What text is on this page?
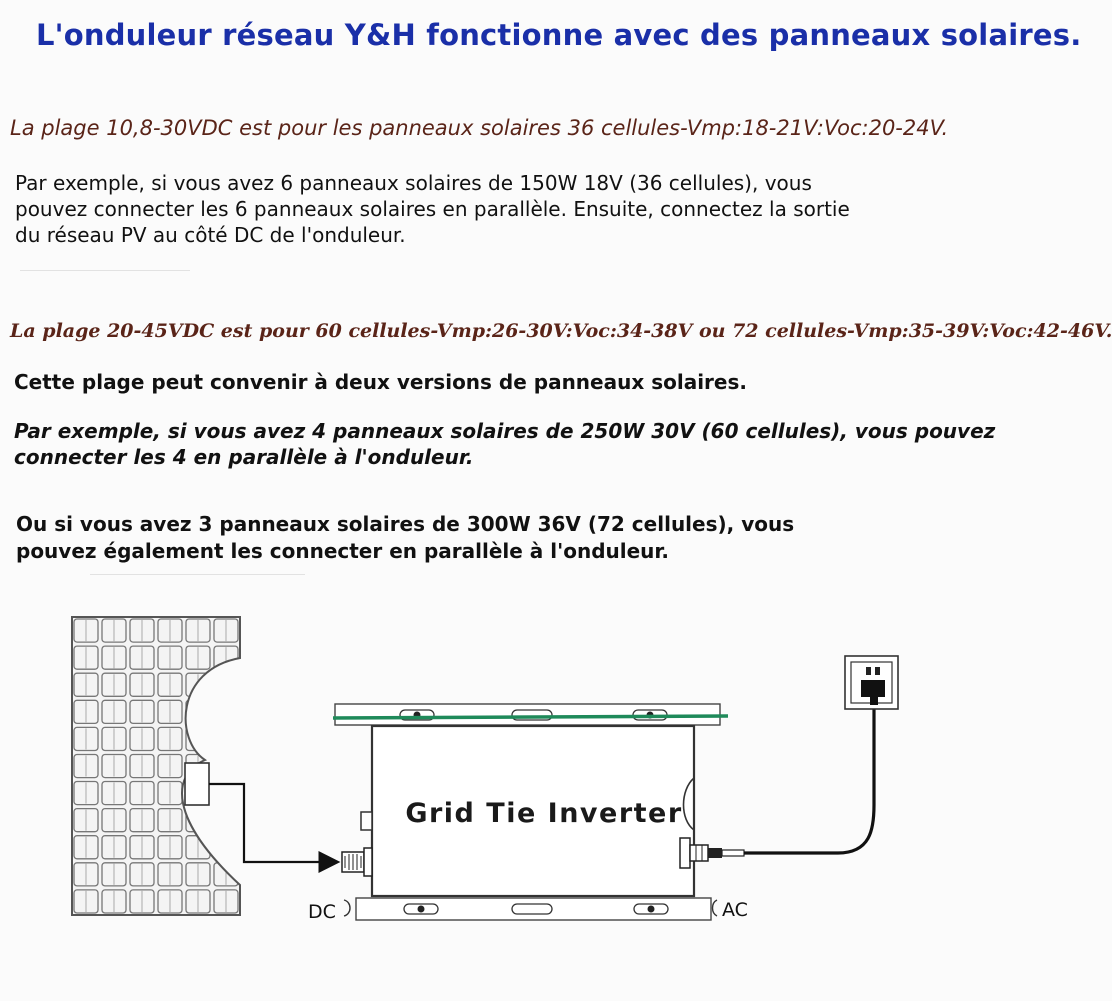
L'onduleur réseau Y&H fonctionne avec des panneaux solaires.

La plage 10,8-30VDC est pour les panneaux solaires 36 cellules-Vmp:18-21V:Voc:20-24V.

Par exemple, si vous avez 6 panneaux solaires de 150W 18V (36 cellules), vous
pouvez connecter les 6 panneaux solaires en parallèle. Ensuite, connectez la sortie
du réseau PV au côté DC de l'onduleur.

La plage 20-45VDC est pour 60 cellules-Vmp:26-30V:Voc:34-38V ou 72 cellules-Vmp:35-39V:Voc:42-46V.

Cette plage peut convenir à deux versions de panneaux solaires.

Par exemple, si vous avez 4 panneaux solaires de 250W 30V (60 cellules), vous pouvez
connecter les 4 en parallèle à l'onduleur.

Ou si vous avez 3 panneaux solaires de 300W 36V (72 cellules), vous
pouvez également les connecter en parallèle à l'onduleur.

Grid Tie Inverter
DC	AC
